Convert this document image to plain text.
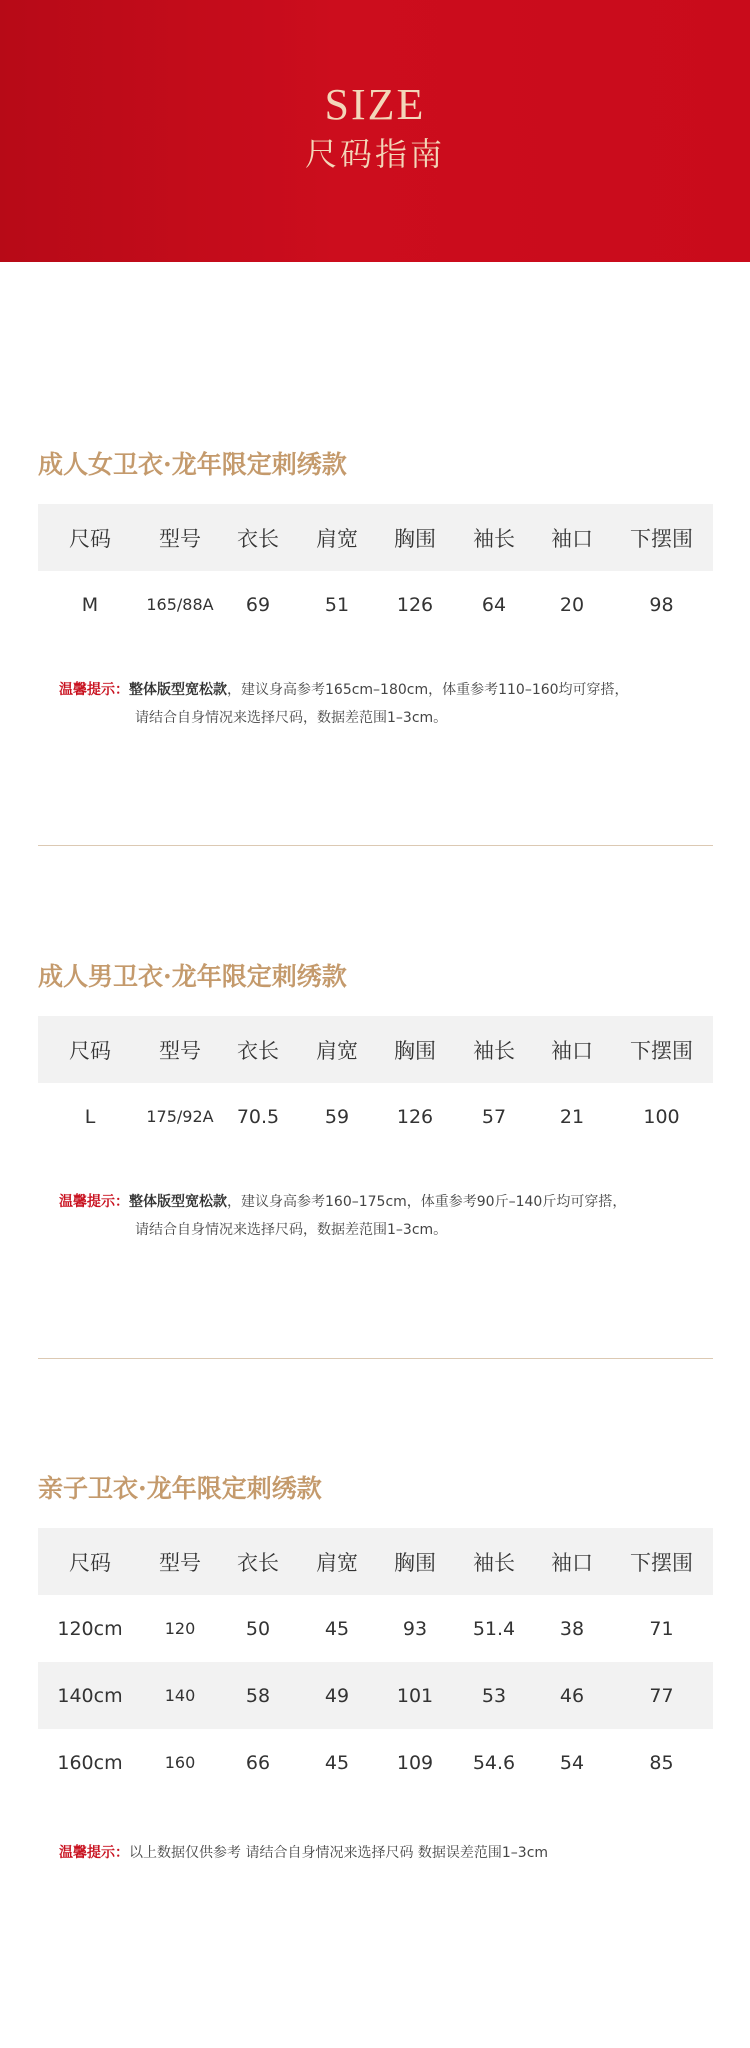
SIZE
尺码指南
成人女卫衣·龙年限定刺绣款
尺码	型号	衣长	肩宽	胸围	袖长	袖口	下摆围
M	165/88A	69	51	126	64	20	98
温馨提示：整体版型宽松款，建议身高参考165cm–180cm，体重参考110–160均可穿搭，
请结合自身情况来选择尺码，数据差范围1–3cm。
成人男卫衣·龙年限定刺绣款
尺码	型号	衣长	肩宽	胸围	袖长	袖口	下摆围
L	175/92A	70.5	59	126	57	21	100
温馨提示：整体版型宽松款，建议身高参考160–175cm，体重参考90斤–140斤均可穿搭，
请结合自身情况来选择尺码，数据差范围1–3cm。
亲子卫衣·龙年限定刺绣款
尺码	型号	衣长	肩宽	胸围	袖长	袖口	下摆围
120cm	120	50	45	93	51.4	38	71
140cm	140	58	49	101	53	46	77
160cm	160	66	45	109	54.6	54	85
温馨提示：以上数据仅供参考 请结合自身情况来选择尺码 数据误差范围1–3cm
